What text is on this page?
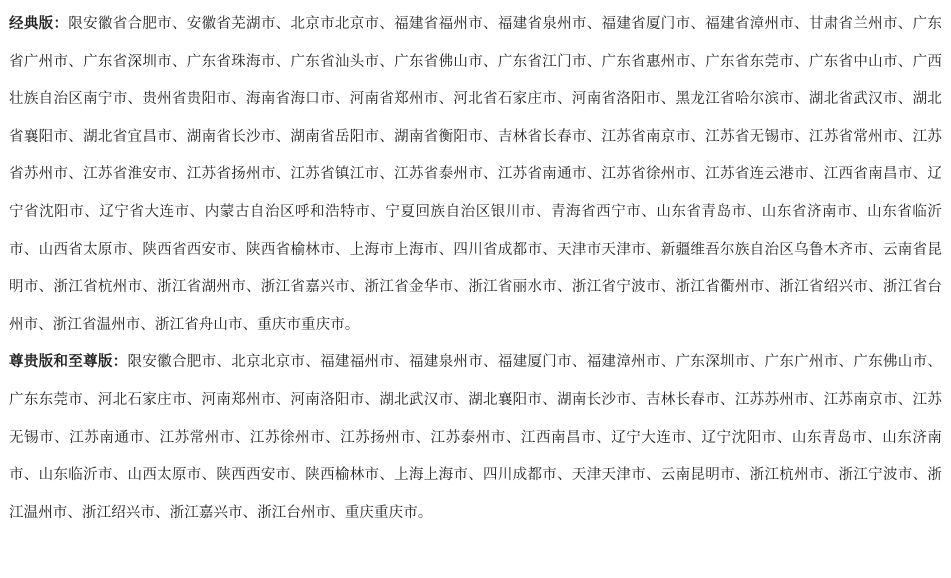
经典版：限安徽省合肥市、安徽省芜湖市、北京市北京市、福建省福州市、福建省泉州市、福建省厦门市、福建省漳州市、甘肃省兰州市、广东省广州市、广东省深圳市、广东省珠海市、广东省汕头市、广东省佛山市、广东省江门市、广东省惠州市、广东省东莞市、广东省中山市、广西壮族自治区南宁市、贵州省贵阳市、海南省海口市、河南省郑州市、河北省石家庄市、河南省洛阳市、黑龙江省哈尔滨市、湖北省武汉市、湖北省襄阳市、湖北省宜昌市、湖南省长沙市、湖南省岳阳市、湖南省衡阳市、吉林省长春市、江苏省南京市、江苏省无锡市、江苏省常州市、江苏省苏州市、江苏省淮安市、江苏省扬州市、江苏省镇江市、江苏省泰州市、江苏省南通市、江苏省徐州市、江苏省连云港市、江西省南昌市、辽宁省沈阳市、辽宁省大连市、内蒙古自治区呼和浩特市、宁夏回族自治区银川市、青海省西宁市、山东省青岛市、山东省济南市、山东省临沂市、山西省太原市、陕西省西安市、陕西省榆林市、上海市上海市、四川省成都市、天津市天津市、新疆维吾尔族自治区乌鲁木齐市、云南省昆明市、浙江省杭州市、浙江省湖州市、浙江省嘉兴市、浙江省金华市、浙江省丽水市、浙江省宁波市、浙江省衢州市、浙江省绍兴市、浙江省台州市、浙江省温州市、浙江省舟山市、重庆市重庆市。

尊贵版和至尊版：限安徽合肥市、北京北京市、福建福州市、福建泉州市、福建厦门市、福建漳州市、广东深圳市、广东广州市、广东佛山市、广东东莞市、河北石家庄市、河南郑州市、河南洛阳市、湖北武汉市、湖北襄阳市、湖南长沙市、吉林长春市、江苏苏州市、江苏南京市、江苏无锡市、江苏南通市、江苏常州市、江苏徐州市、江苏扬州市、江苏泰州市、江西南昌市、辽宁大连市、辽宁沈阳市、山东青岛市、山东济南市、山东临沂市、山西太原市、陕西西安市、陕西榆林市、上海上海市、四川成都市、天津天津市、云南昆明市、浙江杭州市、浙江宁波市、浙江温州市、浙江绍兴市、浙江嘉兴市、浙江台州市、重庆重庆市。
